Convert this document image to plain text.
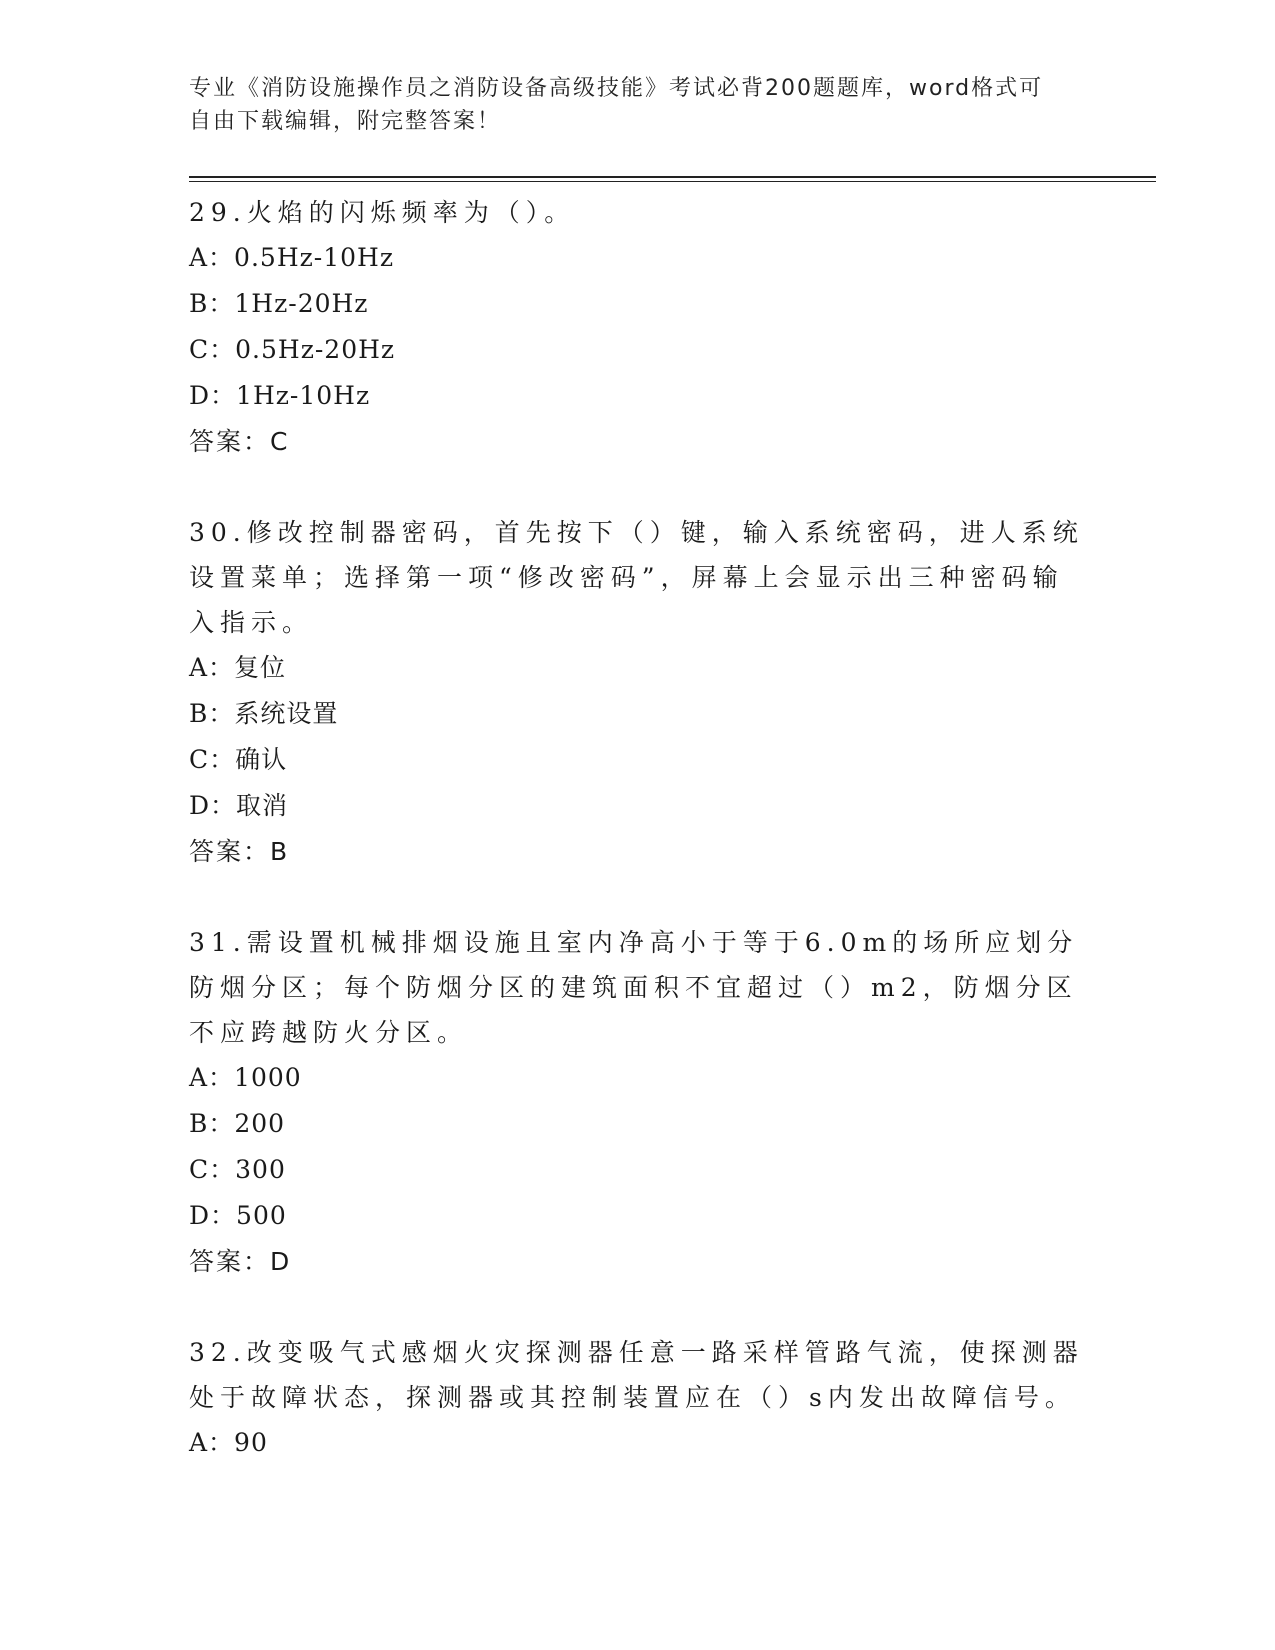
专业《消防设施操作员之消防设备高级技能》考试必背200题题库，word格式可
自由下载编辑，附完整答案！

29.火焰的闪烁频率为（）。

A：0.5Hz-10Hz

B：1Hz-20Hz

C：0.5Hz-20Hz

D：1Hz-10Hz

答案：C

30.修改控制器密码，首先按下（）键，输入系统密码，进人系统设置菜单；选择第一项“修改密码”，屏幕上会显示出三种密码输入指示。

A：复位

B：系统设置

C：确认

D：取消

答案：B

31.需设置机械排烟设施且室内净高小于等于6.0m的场所应划分防烟分区；每个防烟分区的建筑面积不宜超过（）m2，防烟分区不应跨越防火分区。

A：1000

B：200

C：300

D：500

答案：D

32.改变吸气式感烟火灾探测器任意一路采样管路气流，使探测器处于故障状态，探测器或其控制装置应在（）s内发出故障信号。

A：90
